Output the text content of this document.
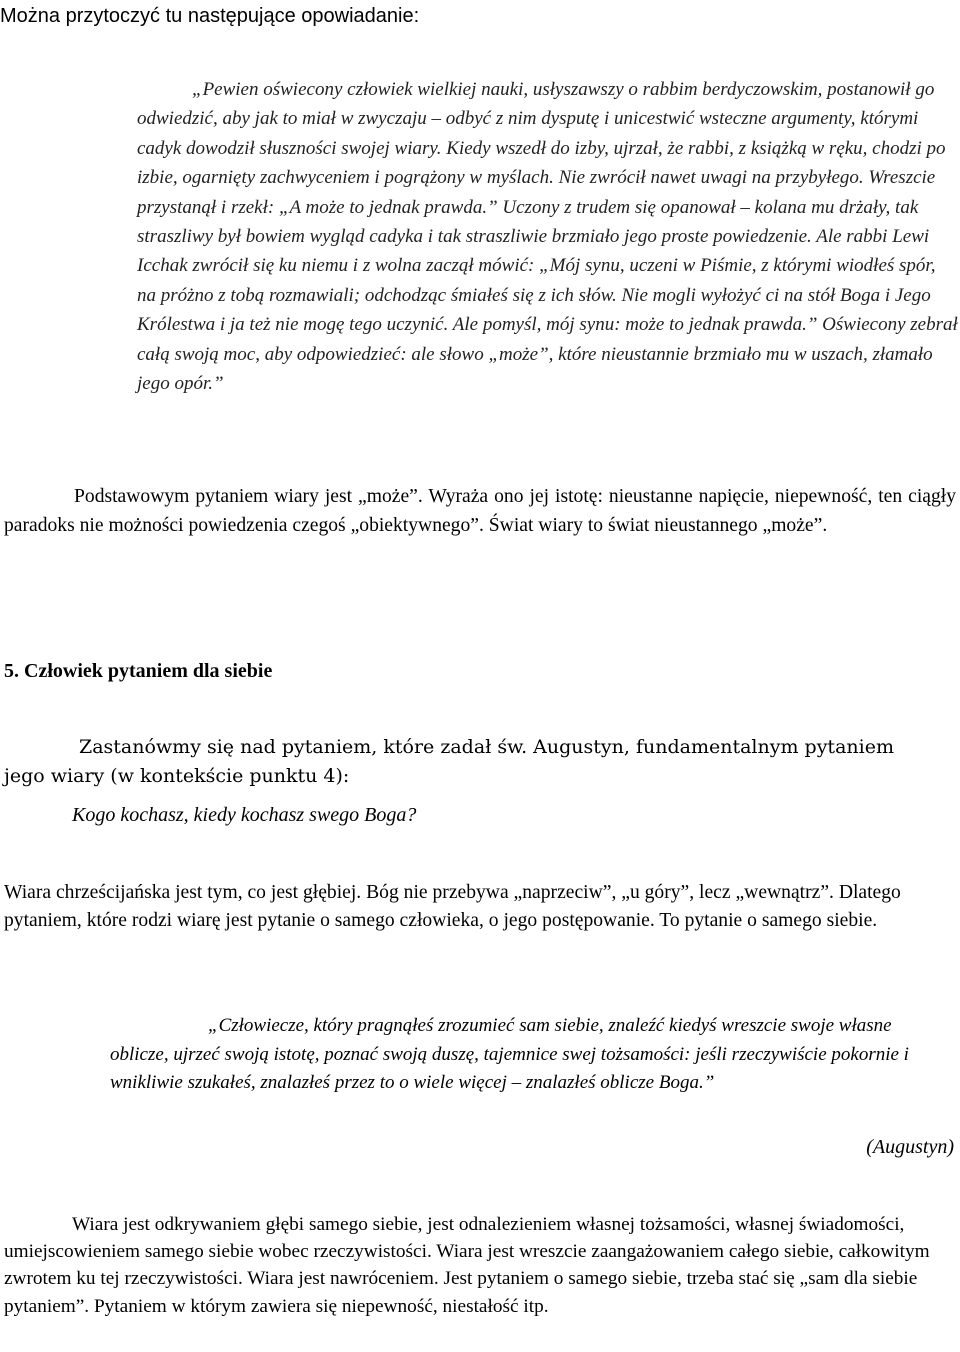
Można przytoczyć tu następujące opowiadanie:
„Pewien oświecony człowiek wielkiej nauki, usłyszawszy o rabbim berdyczowskim, postanowił go odwiedzić, aby jak to miał w zwyczaju – odbyć z nim dysputę i unicestwić wsteczne argumenty, którymi cadyk dowodził słuszności swojej wiary. Kiedy wszedł do izby, ujrzał, że rabbi, z książką w ręku, chodzi po izbie, ogarnięty zachwyceniem i pogrążony w myślach. Nie zwrócił nawet uwagi na przybyłego. Wreszcie przystanął i rzekł: „A może to jednak prawda.” Uczony z trudem się opanował – kolana mu drżały, tak straszliwy był bowiem wygląd cadyka i tak straszliwie brzmiało jego proste powiedzenie. Ale rabbi Lewi Icchak zwrócił się ku niemu i z wolna zaczął mówić: „Mój synu, uczeni w Piśmie, z którymi wiodłeś spór, na próżno z tobą rozmawiali; odchodząc śmiałeś się z ich słów. Nie mogli wyłożyć ci na stół Boga i Jego Królestwa i ja też nie mogę tego uczynić. Ale pomyśl, mój synu: może to jednak prawda.” Oświecony zebrał całą swoją moc, aby odpowiedzieć: ale słowo „może”, które nieustannie brzmiało mu w uszach, złamało jego opór.”
Podstawowym pytaniem wiary jest „może”. Wyraża ono jej istotę: nieustanne napięcie, niepewność, ten ciągły paradoks nie możności powiedzenia czegoś „obiektywnego”. Świat wiary to świat nieustannego „może”.
5. Człowiek pytaniem dla siebie
Zastanówmy się nad pytaniem, które zadał św. Augustyn, fundamentalnym pytaniem jego wiary (w kontekście punktu 4):
Kogo kochasz, kiedy kochasz swego Boga?
Wiara chrześcijańska jest tym, co jest głębiej. Bóg nie przebywa „naprzeciw”, „u góry”, lecz „wewnątrz”. Dlatego pytaniem, które rodzi wiarę jest pytanie o samego człowieka, o jego postępowanie. To pytanie o samego siebie.
„Człowiecze, który pragnąłeś zrozumieć sam siebie, znaleźć kiedyś wreszcie swoje własne oblicze, ujrzeć swoją istotę, poznać swoją duszę, tajemnice swej tożsamości: jeśli rzeczywiście pokornie i wnikliwie szukałeś, znalazłeś przez to o wiele więcej – znalazłeś oblicze Boga.”
(Augustyn)
Wiara jest odkrywaniem głębi samego siebie, jest odnalezieniem własnej tożsamości, własnej świadomości, umiejscowieniem samego siebie wobec rzeczywistości. Wiara jest wreszcie zaangażowaniem całego siebie, całkowitym zwrotem ku tej rzeczywistości. Wiara jest nawróceniem. Jest pytaniem o samego siebie, trzeba stać się „sam dla siebie pytaniem”. Pytaniem w którym zawiera się niepewność, niestałość itp.
